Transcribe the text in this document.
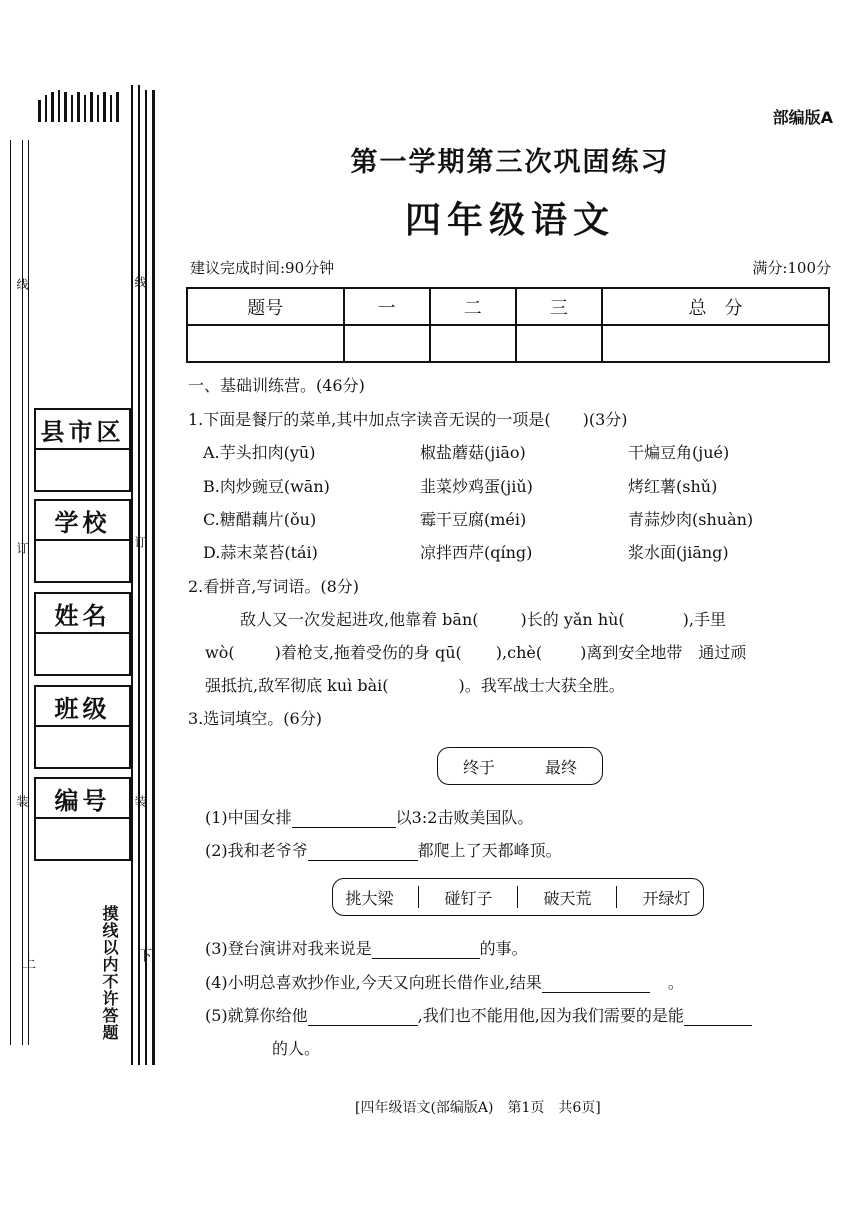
线	线
订	订
装	装
上	下
摸线以内不许答题
县市区
学校
姓名
班级
编号
部编版A
第一学期第三次巩固练习
四年级语文
建议完成时间:90分钟	满分:100分
题号	一	二	三	总　分

一、基础训练营。(46分)
1.下面是餐厅的菜单,其中加点字读音无误的一项是(　　)(3分)
A.芋头扣肉(yū)	椒盐蘑菇(jiāo)	干煸豆角(jué)
B.肉炒豌豆(wān)	韭菜炒鸡蛋(jiǔ)	烤红薯(shǔ)
C.糖醋藕片(ǒu)	霉干豆腐(méi)	青蒜炒肉(shuàn)
D.蒜末菜苔(tái)	凉拌西芹(qíng)	浆水面(jiāng)
2.看拼音,写词语。(8分)
敌人又一次发起进攻,他靠着 bān(	)长的 yǎn hù(	),手里
wò(	)着枪支,拖着受伤的身 qū( ),chè( )离到安全地带　通过顽
强抵抗,敌军彻底 kuì bài(	)。我军战士大获全胜。
3.选词填空。(6分)
终于	最终
(1)中国女排	以3:2击败美国队。
(2)我和老爷爷	都爬上了天都峰顶。
挑大梁	碰钉子	破天荒	开绿灯
(3)登台演讲对我来说是	的事。
(4)小明总喜欢抄作业,今天又向班长借作业,结果	。
(5)就算你给他	,我们也不能用他,因为我们需要的是能
的人。
[四年级语文(部编版A)　第1页　共6页]
